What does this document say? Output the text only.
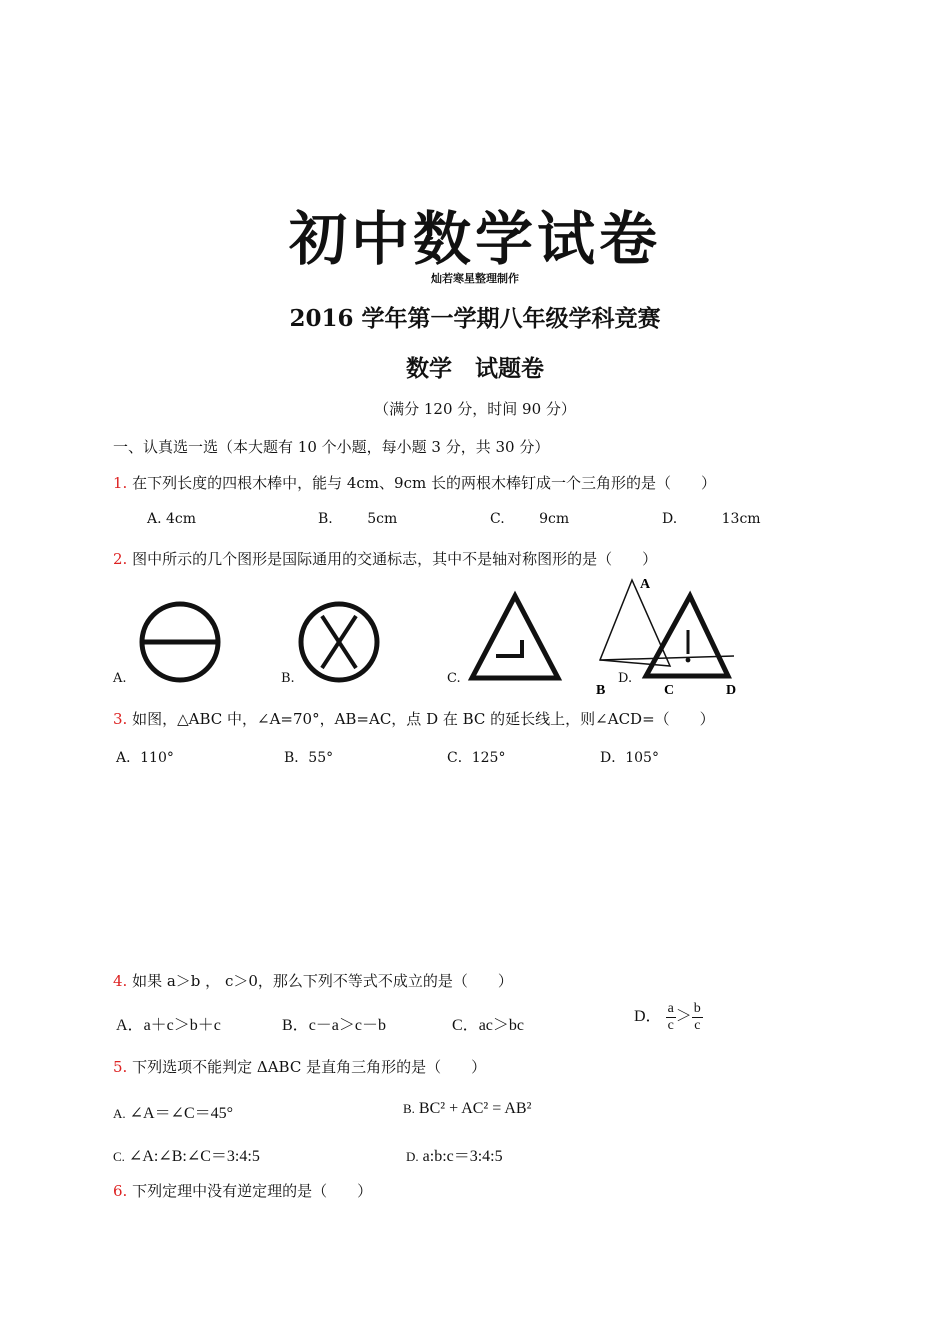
初中数学试卷
灿若寒星整理制作
2016 学年第一学期八年级学科竞赛
数学　试题卷
（满分 120 分，时间 90 分）
一、认真选一选（本大题有 10 个小题，每小题 3 分，共 30 分）
1. 在下列长度的四根木棒中，能与 4cm、9cm 长的两根木棒钉成一个三角形的是（　　）
A. 4cm	B. 5cm	C. 9cm	D.	13cm
2. 图中所示的几个图形是国际通用的交通标志，其中不是轴对称图形的是（　　）
A.	B.	C.
A
B	C	D
D.
3. 如图，△ABC 中，∠A=70°，AB=AC，点 D 在 BC 的延长线上，则∠ACD=（　　）
A．110°	B．55°	C．125°	D．105°
4. 如果 a＞b ， c＞0，那么下列不等式不成立的是（　　）
A．a＋c＞b＋c	B．c－a＞c－b	C．ac＞bc
D． $\frac{a}{c}> \frac{b}{c}$
5. 下列选项不能判定 ΔABC 是直角三角形的是（　　）
A. ∠A＝∠C＝45°	B. BC² + AC² = AB²
C. ∠A:∠B:∠C＝3:4:5	D. a:b:c＝3:4:5
6. 下列定理中没有逆定理的是（　　）
